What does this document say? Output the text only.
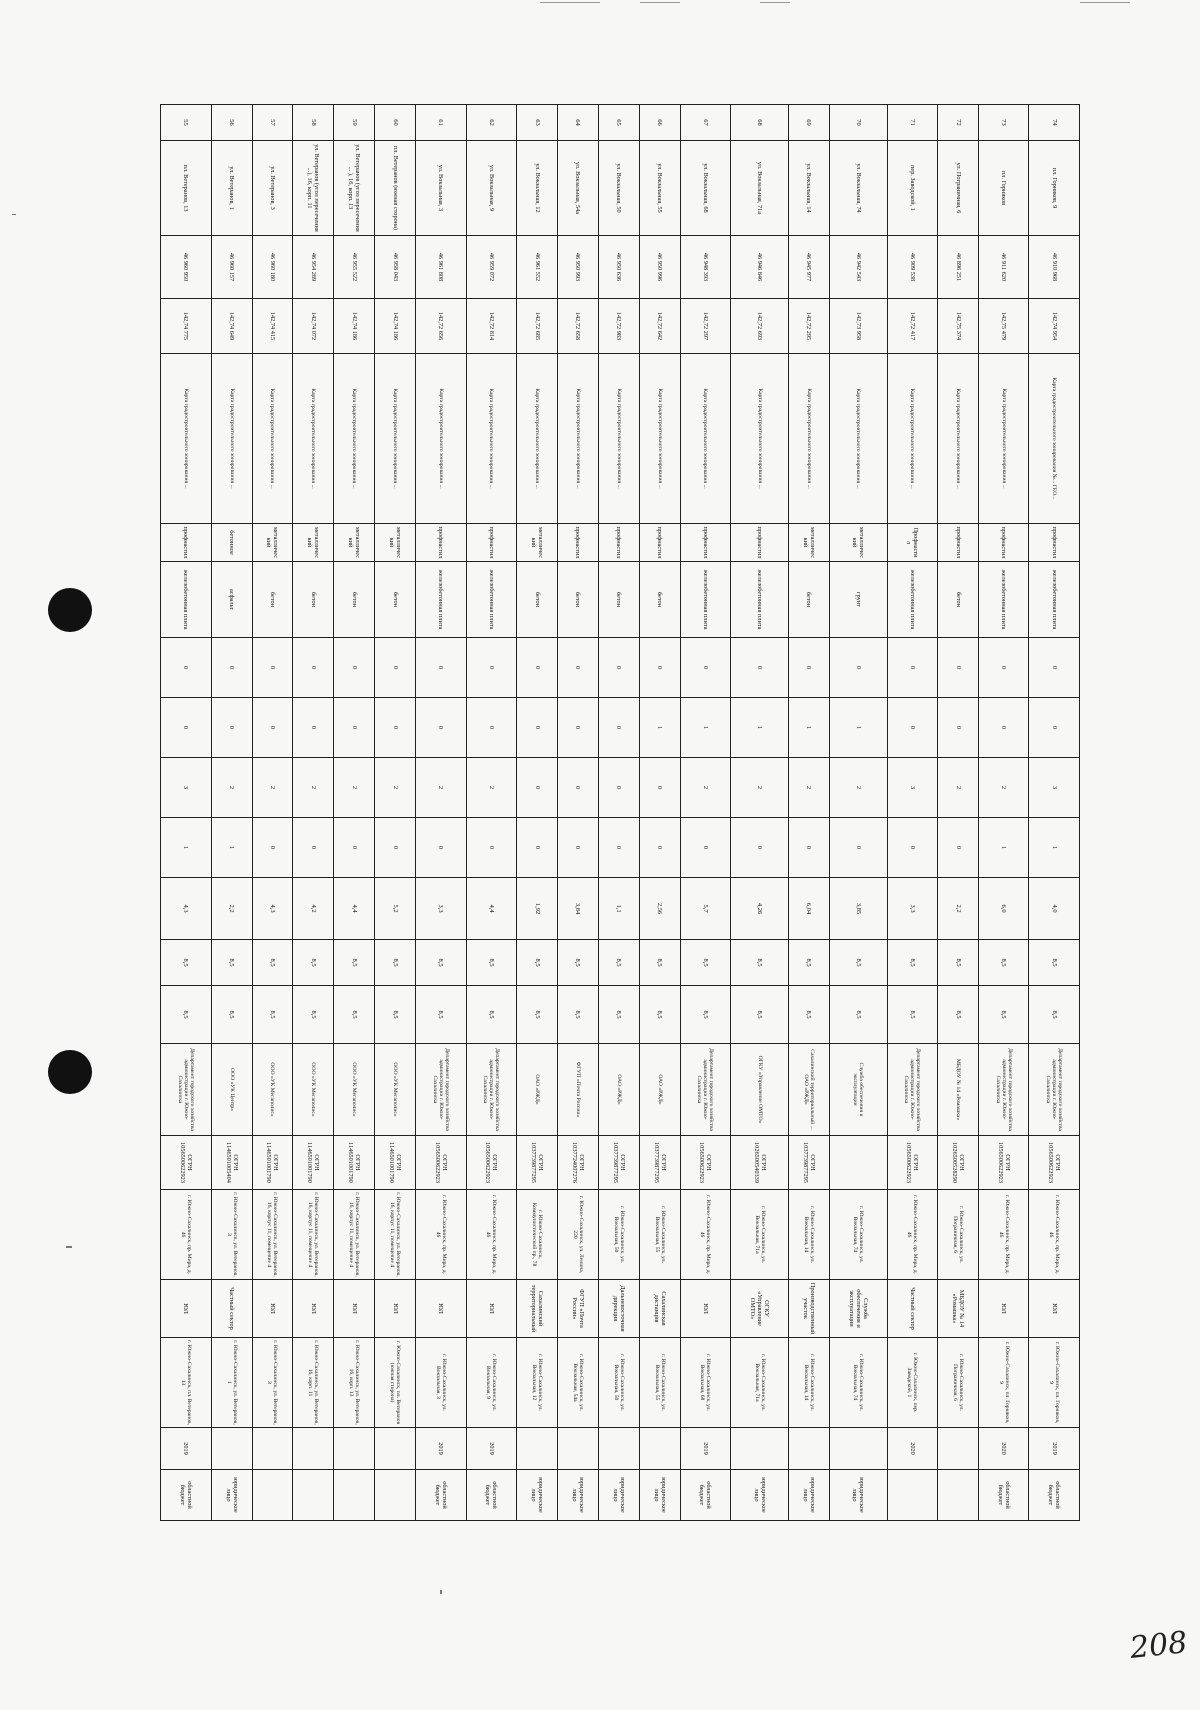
74	пл. Горняков, 9	46 910 968	142,74 954	Карта градостроительного зонирования №... ГЕО...	профнастил	железобетонная плита	0	0	3	1	4,0	8,5	8,5	Департамент городского хозяйства администрации г. Южно-Сахалинска	ОГРН 1056500622923	г. Южно-Сахалинск, пр. Мира, д. 46	ЮЛ	г. Южно-Сахалинск, пл. Горняков, 9	2019	областной бюджет
73	пл. Горняков	46 911 620	142,75 479	Карта градостроительного зонирования ...	профнастил	железобетонная плита	0	0	2	1	6,0	8,5	8,5	Департамент городского хозяйства администрации г. Южно-Сахалинска	ОГРН 1056500622923	г. Южно-Сахалинск, пр. Мира, д. 46	ЮЛ	г. Южно-Сахалинск, пл. Горняков, 9	2020	областной бюджет
72	ул. Пограничная, 6	46 896 251	142,75 374	Карта градостроительного зонирования ...	профнастил	бетон	0	0	2	0	2,2	8,5	8,5	МБДОУ № 14 «Ромашка»	ОГРН 1026500528290	г. Южно-Сахалинск, ул. Пограничная, 6	МБДОУ № 14 «Ромашка»	г. Южно-Сахалинск, ул. Пограничная, 6		
71	пер. Заводской, 1	46 909 538	142,72 417	Карта градостроительного зонирования ...	Профнастил	железобетонная плита	0	0	3	0	3,3	8,5	8,5	Департамент городского хозяйства администрации г. Южно-Сахалинска	ОГРН 1056500622923	г. Южно-Сахалинск, пр. Мира, д. 46	Частный сектор	г. Южно-Сахалинск, пер. Заводской, 1	2020	
70	ул. Вокзальная, 74	46 942 543	142,73 958	Карта градостроительного зонирования ...	металлический	грунт	0	1	2	0	3,85	8,5	8,5	Служба обеспечения и эксплуатации		г. Южно-Сахалинск, ул. Вокзальная, 74	Служба обеспечения и эксплуатации	г. Южно-Сахалинск, ул. Вокзальная, 74		юридическое лицо
69	ул. Вокзальная, 14	46 945 977	142,72 295	Карта градостроительного зонирования ...	металлический	бетон	0	1	2	0	6,04	8,5	8,5	Сахалинский территориальный ... ОАО «РЖД»	ОГРН 1037739877295	г. Южно-Сахалинск, ул. Вокзальная, 14	Производственный участок	г. Южно-Сахалинск, ул. Вокзальная, 14		юридическое лицо
68	ул. Вокзальная, 71а	46 946 846	142,72 693	Карта градостроительного зонирования ...	профнастил	железобетонная плита	0	1	2	0	4,26	8,5	8,5	ОГКУ «Управление ОМТО»	ОГРН 1026500540339	г. Южно-Сахалинск, ул. Вокзальная, 71а	ОГКУ «Управление ОМТО»	г. Южно-Сахалинск, ул. Вокзальная, 71а		юридическое лицо
67	ул. Вокзальная, 68	46 948 393	142,72 297	Карта градостроительного зонирования ...	профнастил	железобетонная плита	0	1	2	0	5,7	8,5	8,5	Департамент городского хозяйства администрации г. Южно-Сахалинска	ОГРН 1056500622923	г. Южно-Сахалинск, пр. Мира, д. 46	ЮЛ	г. Южно-Сахалинск, ул. Вокзальная, 68	2019	областной бюджет
66	ул. Вокзальная, 55	46 950 996	142,72 642	Карта градостроительного зонирования ...	профнастил	бетон	0	1	0	0	2,56	8,5	8,5	ОАО «РЖД»	ОГРН 1037739877295	г. Южно-Сахалинск, ул. Вокзальная, 55	Сахалинская дистанция	г. Южно-Сахалинск, ул. Вокзальная, 55		юридическое лицо
65	ул. Вокзальная, 50	46 950 636	142,72 983	Карта градостроительного зонирования ...	профнастил	бетон	0	0	0	0	1,1	8,5	8,5	ОАО «РЖД»	ОГРН 1037739877295	г. Южно-Сахалинск, ул. Вокзальная, 50	Дальневосточная дирекция	г. Южно-Сахалинск, ул. Вокзальная, 50		юридическое лицо
64	ул. Вокзальная, 54а	46 950 993	142,72 658	Карта градостроительного зонирования ...	профнастил	бетон	0	0	0	0	3,84	8,5	8,5	ФГУП «Почта России»	ОГРН 1037724007276	г. Южно-Сахалинск, ул. Ленина, 220	ФГУП «Почта России»	г. Южно-Сахалинск, ул. Вокзальная, 54а		юридическое лицо
63	ул. Вокзальная, 12	46 961 552	142,72 685	Карта градостроительного зонирования ...	металлический	бетон	0	0	0	0	1,92	8,5	8,5	ОАО «РЖД»	ОГРН 1037739877295	г. Южно-Сахалинск, Коммунистический пр., 78	Сахалинский территориальный	г. Южно-Сахалинск, ул. Вокзальная, 12		юридическое лицо
62	ул. Вокзальная, 9	46 959 072	142,72 814	Карта градостроительного зонирования ...	профнастил	железобетонная плита	0	0	2	0	4,4	8,5	8,5	Департамент городского хозяйства администрации г. Южно-Сахалинска	ОГРН 1056500622923	г. Южно-Сахалинск, пр. Мира, д. 46	ЮЛ	г. Южно-Сахалинск, ул. Вокзальная, 9	2019	областной бюджет
61	ул. Вокзальная, 3	46 961 808	142,72 656	Карта градостроительного зонирования ...	профнастил	железобетонная плита	0	0	2	0	3,3	8,5	8,5	Департамент городского хозяйства администрации г. Южно-Сахалинска	ОГРН 1056500622923	г. Южно-Сахалинск, пр. Мира, д. 46	ЮЛ	г. Южно-Сахалинск, ул. Вокзальная, 3	2019	областной бюджет
60	пл. Ветеранов (южная сторона)	46 958 043	142,74 186	Карта градостроительного зонирования ...	металлический	бетон	0	0	2	0	5,2	8,5	8,5	ООО «УК Мегаполис»	ОГРН 1146501001790	г. Южно-Сахалинск, ул. Ветеранов, 16, корпус 11, помещение 4	ЮЛ	г. Южно-Сахалинск, пл. Ветеранов (южная сторона)		
59	ул. Ветеранов (угол пересечения ... ), 16, корп. 13	46 955 522	142,74 186	Карта градостроительного зонирования ...	металлический	бетон	0	0	2	0	4,4	8,5	8,5	ООО «УК Мегаполис»	ОГРН 1146501001790	г. Южно-Сахалинск, ул. Ветеранов, 16, корпус 11, помещение 4	ЮЛ	г. Южно-Сахалинск, ул. Ветеранов, 16, корп. 13		
58	ул. Ветеранов (угол пересечения ...), 16, корп. 11	46 954 289	142,74 072	Карта градостроительного зонирования ...	металлический	бетон	0	0	2	0	4,2	8,5	8,5	ООО «УК Мегаполис»	ОГРН 1146501001790	г. Южно-Сахалинск, ул. Ветеранов, 16, корпус 11, помещение 4	ЮЛ	г. Южно-Сахалинск, ул. Ветеранов, 16, корп. 11		
57	ул. Ветеранов, 3	46 960 180	142,74 415	Карта градостроительного зонирования ...	металлический	бетон	0	0	2	0	4,3	8,5	8,5	ООО «УК Мегаполис»	ОГРН 1146501001790	г. Южно-Сахалинск, ул. Ветеранов, 16, корпус 11, помещение 4	ЮЛ	г. Южно-Сахалинск, ул. Ветеранов, 3		
56	ул. Ветеранов, 1	46 960 157	142,74 649	Карта градостроительного зонирования ...	бетонное	асфальт	0	0	2	1	2,2	8,5	8,5	ООО «УК Центр»	ОГРН 1146501005404	г. Южно-Сахалинск, ул. Ветеранов, 3	Частный сектор	г. Южно-Сахалинск, ул. Ветеранов, 1		юридическое лицо
55	пл. Ветеранов, 13	46 960 950	142,74 775	Карта градостроительного зонирования ...	профнастил	железобетонная плита	0	0	3	1	4,3	8,5	8,5	Департамент городского хозяйства администрации г. Южно-Сахалинска	ОГРН 1056500622923	г. Южно-Сахалинск, пр. Мира, д. 46	ЮЛ	г. Южно-Сахалинск, пл. Ветеранов, 13	2019	областной бюджет
208
